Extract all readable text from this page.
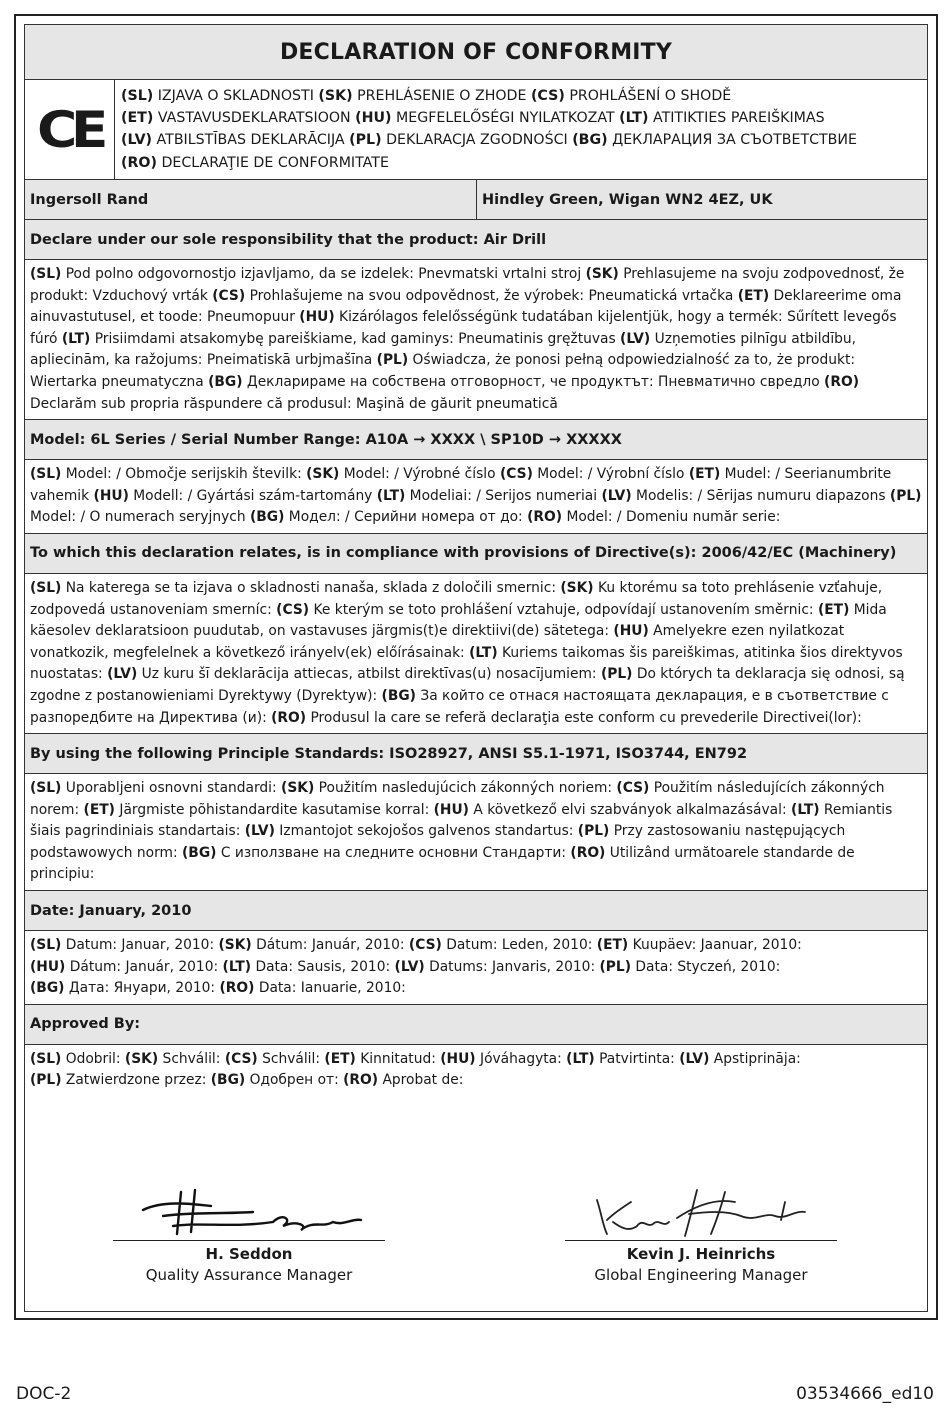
DECLARATION OF CONFORMITY
CE
(SL) IZJAVA O SKLADNOSTI (SK) PREHLÁSENIE O ZHODE (CS) PROHLÁŠENÍ O SHODĚ
(ET) VASTAVUSDEKLARATSIOON (HU) MEGFELELŐSÉGI NYILATKOZAT (LT) ATITIKTIES PAREIŠKIMAS
(LV) ATBILSTĪBAS DEKLARĀCIJA (PL) DEKLARACJA ZGODNOŚCI (BG) ДЕКЛАРАЦИЯ ЗА СЪОТВЕТСТВИЕ
(RO) DECLARAŢIE DE CONFORMITATE
Ingersoll Rand	Hindley Green, Wigan WN2 4EZ, UK
Declare under our sole responsibility that the product: Air Drill
(SL) Pod polno odgovornostjo izjavljamo, da se izdelek: Pnevmatski vrtalni stroj (SK) Prehlasujeme na svoju zodpovednosť, že produkt: Vzduchový vrták (CS) Prohlašujeme na svou odpovědnost, že výrobek: Pneumatická vrtačka (ET) Deklareerime oma ainuvastutusel, et toode: Pneumopuur (HU) Kizárólagos felelősségünk tudatában kijelentjük, hogy a termék: Sűrített levegős fúró (LT) Prisiimdami atsakomybę pareiškiame, kad gaminys: Pneumatinis gręžtuvas (LV) Uzņemoties pilnīgu atbildību, apliecinām, ka ražojums: Pneimatiskā urbjmašīna (PL) Oświadcza, że ponosi pełną odpowiedzialność za to, że produkt: Wiertarka pneumatyczna (BG) Декларираме на собствена отговорност, че продуктът: Пневматично свредло (RO) Declarăm sub propria răspundere că produsul: Maşină de găurit pneumatică
Model: 6L Series / Serial Number Range: A10A → XXXX \ SP10D → XXXXX
(SL) Model: / Območje serijskih številk: (SK) Model: / Výrobné číslo (CS) Model: / Výrobní číslo (ET) Mudel: / Seerianumbrite vahemik (HU) Modell: / Gyártási szám-tartomány (LT) Modeliai: / Serijos numeriai (LV) Modelis: / Sērijas numuru diapazons (PL) Model: / O numerach seryjnych (BG) Модел: / Серийни номера от до: (RO) Model: / Domeniu număr serie:
To which this declaration relates, is in compliance with provisions of Directive(s): 2006/42/EC (Machinery)
(SL) Na katerega se ta izjava o skladnosti nanaša, sklada z določili smernic: (SK) Ku ktorému sa toto prehlásenie vzťahuje, zodpovedá ustanoveniam smerníc: (CS) Ke kterým se toto prohlášení vztahuje, odpovídají ustanovením směrnic: (ET) Mida käesolev deklaratsioon puudutab, on vastavuses järgmis(t)e direktiivi(de) sätetega: (HU) Amelyekre ezen nyilatkozat vonatkozik, megfelelnek a következő irányelv(ek) előírásainak: (LT) Kuriems taikomas šis pareiškimas, atitinka šios direktyvos nuostatas: (LV) Uz kuru šī deklarācija attiecas, atbilst direktīvas(u) nosacījumiem: (PL) Do których ta deklaracja się odnosi, są zgodne z postanowieniami Dyrektywy (Dyrektyw): (BG) За който се отнася настоящата декларация, е в съответствие с разпоредбите на Директива (и): (RO) Produsul la care se referă declaraţia este conform cu prevederile Directivei(lor):
By using the following Principle Standards: ISO28927, ANSI S5.1-1971, ISO3744, EN792
(SL) Uporabljeni osnovni standardi: (SK) Použitím nasledujúcich zákonných noriem: (CS) Použitím následujících zákonných norem: (ET) Järgmiste põhistandardite kasutamise korral: (HU) A következő elvi szabványok alkalmazásával: (LT) Remiantis šiais pagrindiniais standartais: (LV) Izmantojot sekojošos galvenos standartus: (PL) Przy zastosowaniu następujących podstawowych norm: (BG) С използване на следните основни Стандарти: (RO) Utilizând următoarele standarde de principiu:
Date: January, 2010
(SL) Datum: Januar, 2010: (SK) Dátum: Január, 2010: (CS) Datum: Leden, 2010: (ET) Kuupäev: Jaanuar, 2010:
(HU) Dátum: Január, 2010: (LT) Data: Sausis, 2010: (LV) Datums: Janvaris, 2010: (PL) Data: Styczeń, 2010:
(BG) Дата: Януари, 2010: (RO) Data: Ianuarie, 2010:
Approved By:
(SL) Odobril: (SK) Schválil: (CS) Schválil: (ET) Kinnitatud: (HU) Jóváhagyta: (LT) Patvirtinta: (LV) Apstiprināja:
(PL) Zatwierdzone przez: (BG) Одобрен от: (RO) Aprobat de:
H. Seddon
Quality Assurance Manager
Kevin J. Heinrichs
Global Engineering Manager
DOC-2	03534666_ed10
